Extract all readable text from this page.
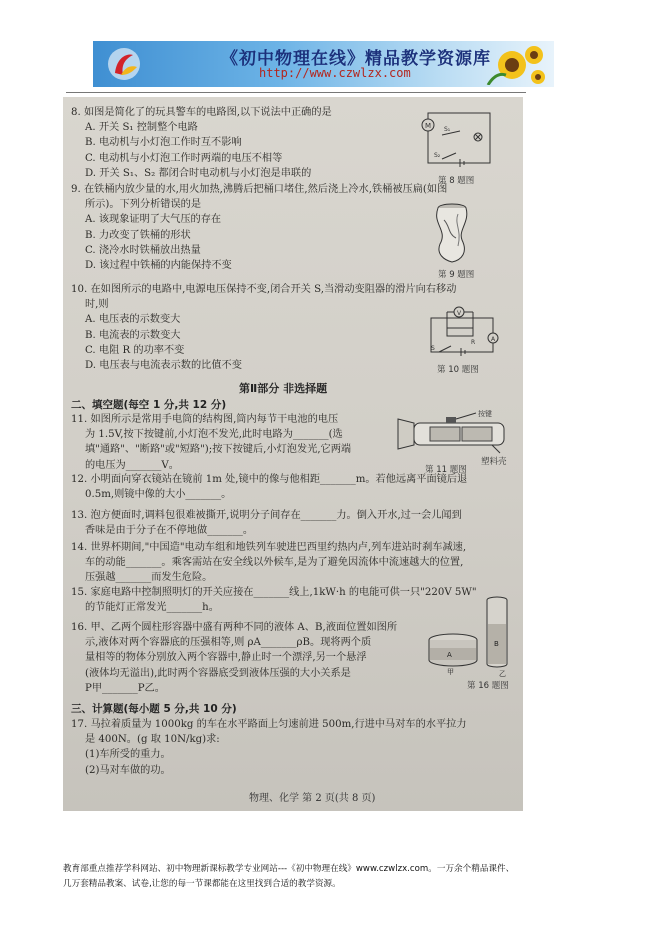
《初中物理在线》精品教学资源库
http://www.czwlzx.com
8. 如图是简化了的玩具警车的电路图,以下说法中正确的是
A. 开关 S₁ 控制整个电路
B. 电动机与小灯泡工作时互不影响
C. 电动机与小灯泡工作时两端的电压不相等
D. 开关 S₁、S₂ 都闭合时电动机与小灯泡是串联的
M S₁
S₂
第 8 题图
9. 在铁桶内放少量的水,用火加热,沸腾后把桶口堵住,然后浇上冷水,铁桶被压扁(如图
所示)。下列分析错误的是
A. 该现象证明了大气压的存在
B. 力改变了铁桶的形状
C. 浇冷水时铁桶放出热量
D. 该过程中铁桶的内能保持不变
第 9 题图
10. 在如图所示的电路中,电源电压保持不变,闭合开关 S,当滑动变阻器的滑片向右移动
时,则
A. 电压表的示数变大
B. 电流表的示数变大
C. 电阻 R 的功率不变
D. 电压表与电流表示数的比值不变
V
R	A
S
第 10 题图
第Ⅱ部分 非选择题
二、填空题(每空 1 分,共 12 分)
11. 如图所示是常用手电筒的结构图,筒内每节干电池的电压
为 1.5V,按下按键前,小灯泡不发光,此时电路为_______(选
填"通路"、"断路"或"短路");按下按键后,小灯泡发光,它两端
的电压为_______V。
按键
塑料壳
第 11 题图
12. 小明面向穿衣镜站在镜前 1m 处,镜中的像与他相距_______m。若他远离平面镜后退
0.5m,则镜中像的大小_______。
13. 泡方便面时,调料包很难被撕开,说明分子间存在_______力。倒入开水,过一会儿闻到
香味是由于分子在不停地做_______。
14. 世界杯期间,"中国造"电动车组和地铁列车驶进巴西里约热内卢,列车进站时刹车减速,
车的动能_______。乘客需站在安全线以外候车,是为了避免因流体中流速越大的位置,
压强越_______而发生危险。
15. 家庭电路中控制照明灯的开关应接在_______线上,1kW·h 的电能可供一只"220V 5W"
的节能灯正常发光_______h。
16. 甲、乙两个圆柱形容器中盛有两种不同的液体 A、B,液面位置如图所
示,液体对两个容器底的压强相等,则 ρA_______ρB。现将两个质
量相等的物体分别放入两个容器中,静止时一个漂浮,另一个悬浮
(液体均无溢出),此时两个容器底受到液体压强的大小关系是
P甲_______P乙。
A
甲
B
乙
第 16 题图
三、计算题(每小题 5 分,共 10 分)
17. 马拉着质量为 1000kg 的车在水平路面上匀速前进 500m,行进中马对车的水平拉力
是 400N。(g 取 10N/kg)求:
(1)车所受的重力。
(2)马对车做的功。
物理、化学 第 2 页(共 8 页)
教育部重点推荐学科网站、初中物理新课标教学专业网站---《初中物理在线》www.czwlzx.com。一万余个精品课件、
几万套精品教案、试卷,让您的每一节课都能在这里找到合适的教学资源。
